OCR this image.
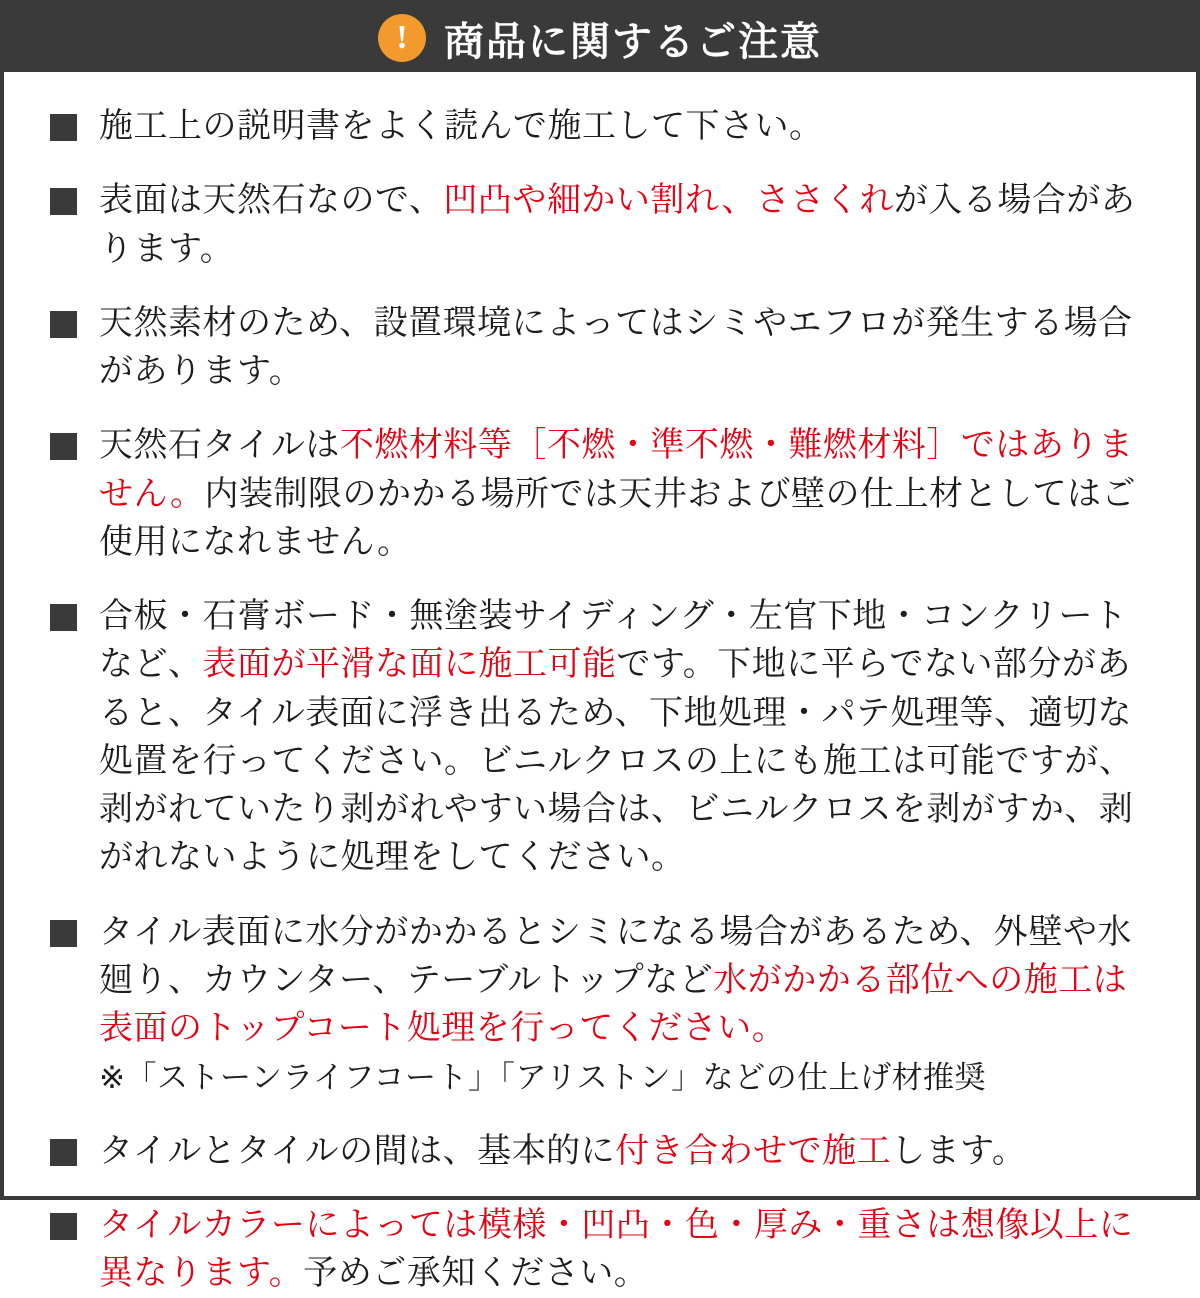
! 商品に関するご注意
施工上の説明書をよく読んで施工して下さい。
表面は天然石なので、凹凸や細かい割れ、ささくれが入る場合があります。
天然素材のため、設置環境によってはシミやエフロが発生する場合があります。
天然石タイルは不燃材料等［不燃・準不燃・難燃材料］ではありません。内装制限のかかる場所では天井および壁の仕上材としてはご使用になれません。
合板・石膏ボード・無塗装サイディング・左官下地・コンクリートなど、表面が平滑な面に施工可能です。下地に平らでない部分があると、タイル表面に浮き出るため、下地処理・パテ処理等、適切な処置を行ってください。ビニルクロスの上にも施工は可能ですが、剥がれていたり剥がれやすい場合は、ビニルクロスを剥がすか、剥がれないように処理をしてください。
タイル表面に水分がかかるとシミになる場合があるため、外壁や水廻り、カウンター、テーブルトップなど水がかかる部位への施工は表面のトップコート処理を行ってください。
※「ストーンライフコート」「アリストン」などの仕上げ材推奨
タイルとタイルの間は、基本的に付き合わせで施工します。
タイルカラーによっては模様・凹凸・色・厚み・重さは想像以上に異なります。予めご承知ください。
